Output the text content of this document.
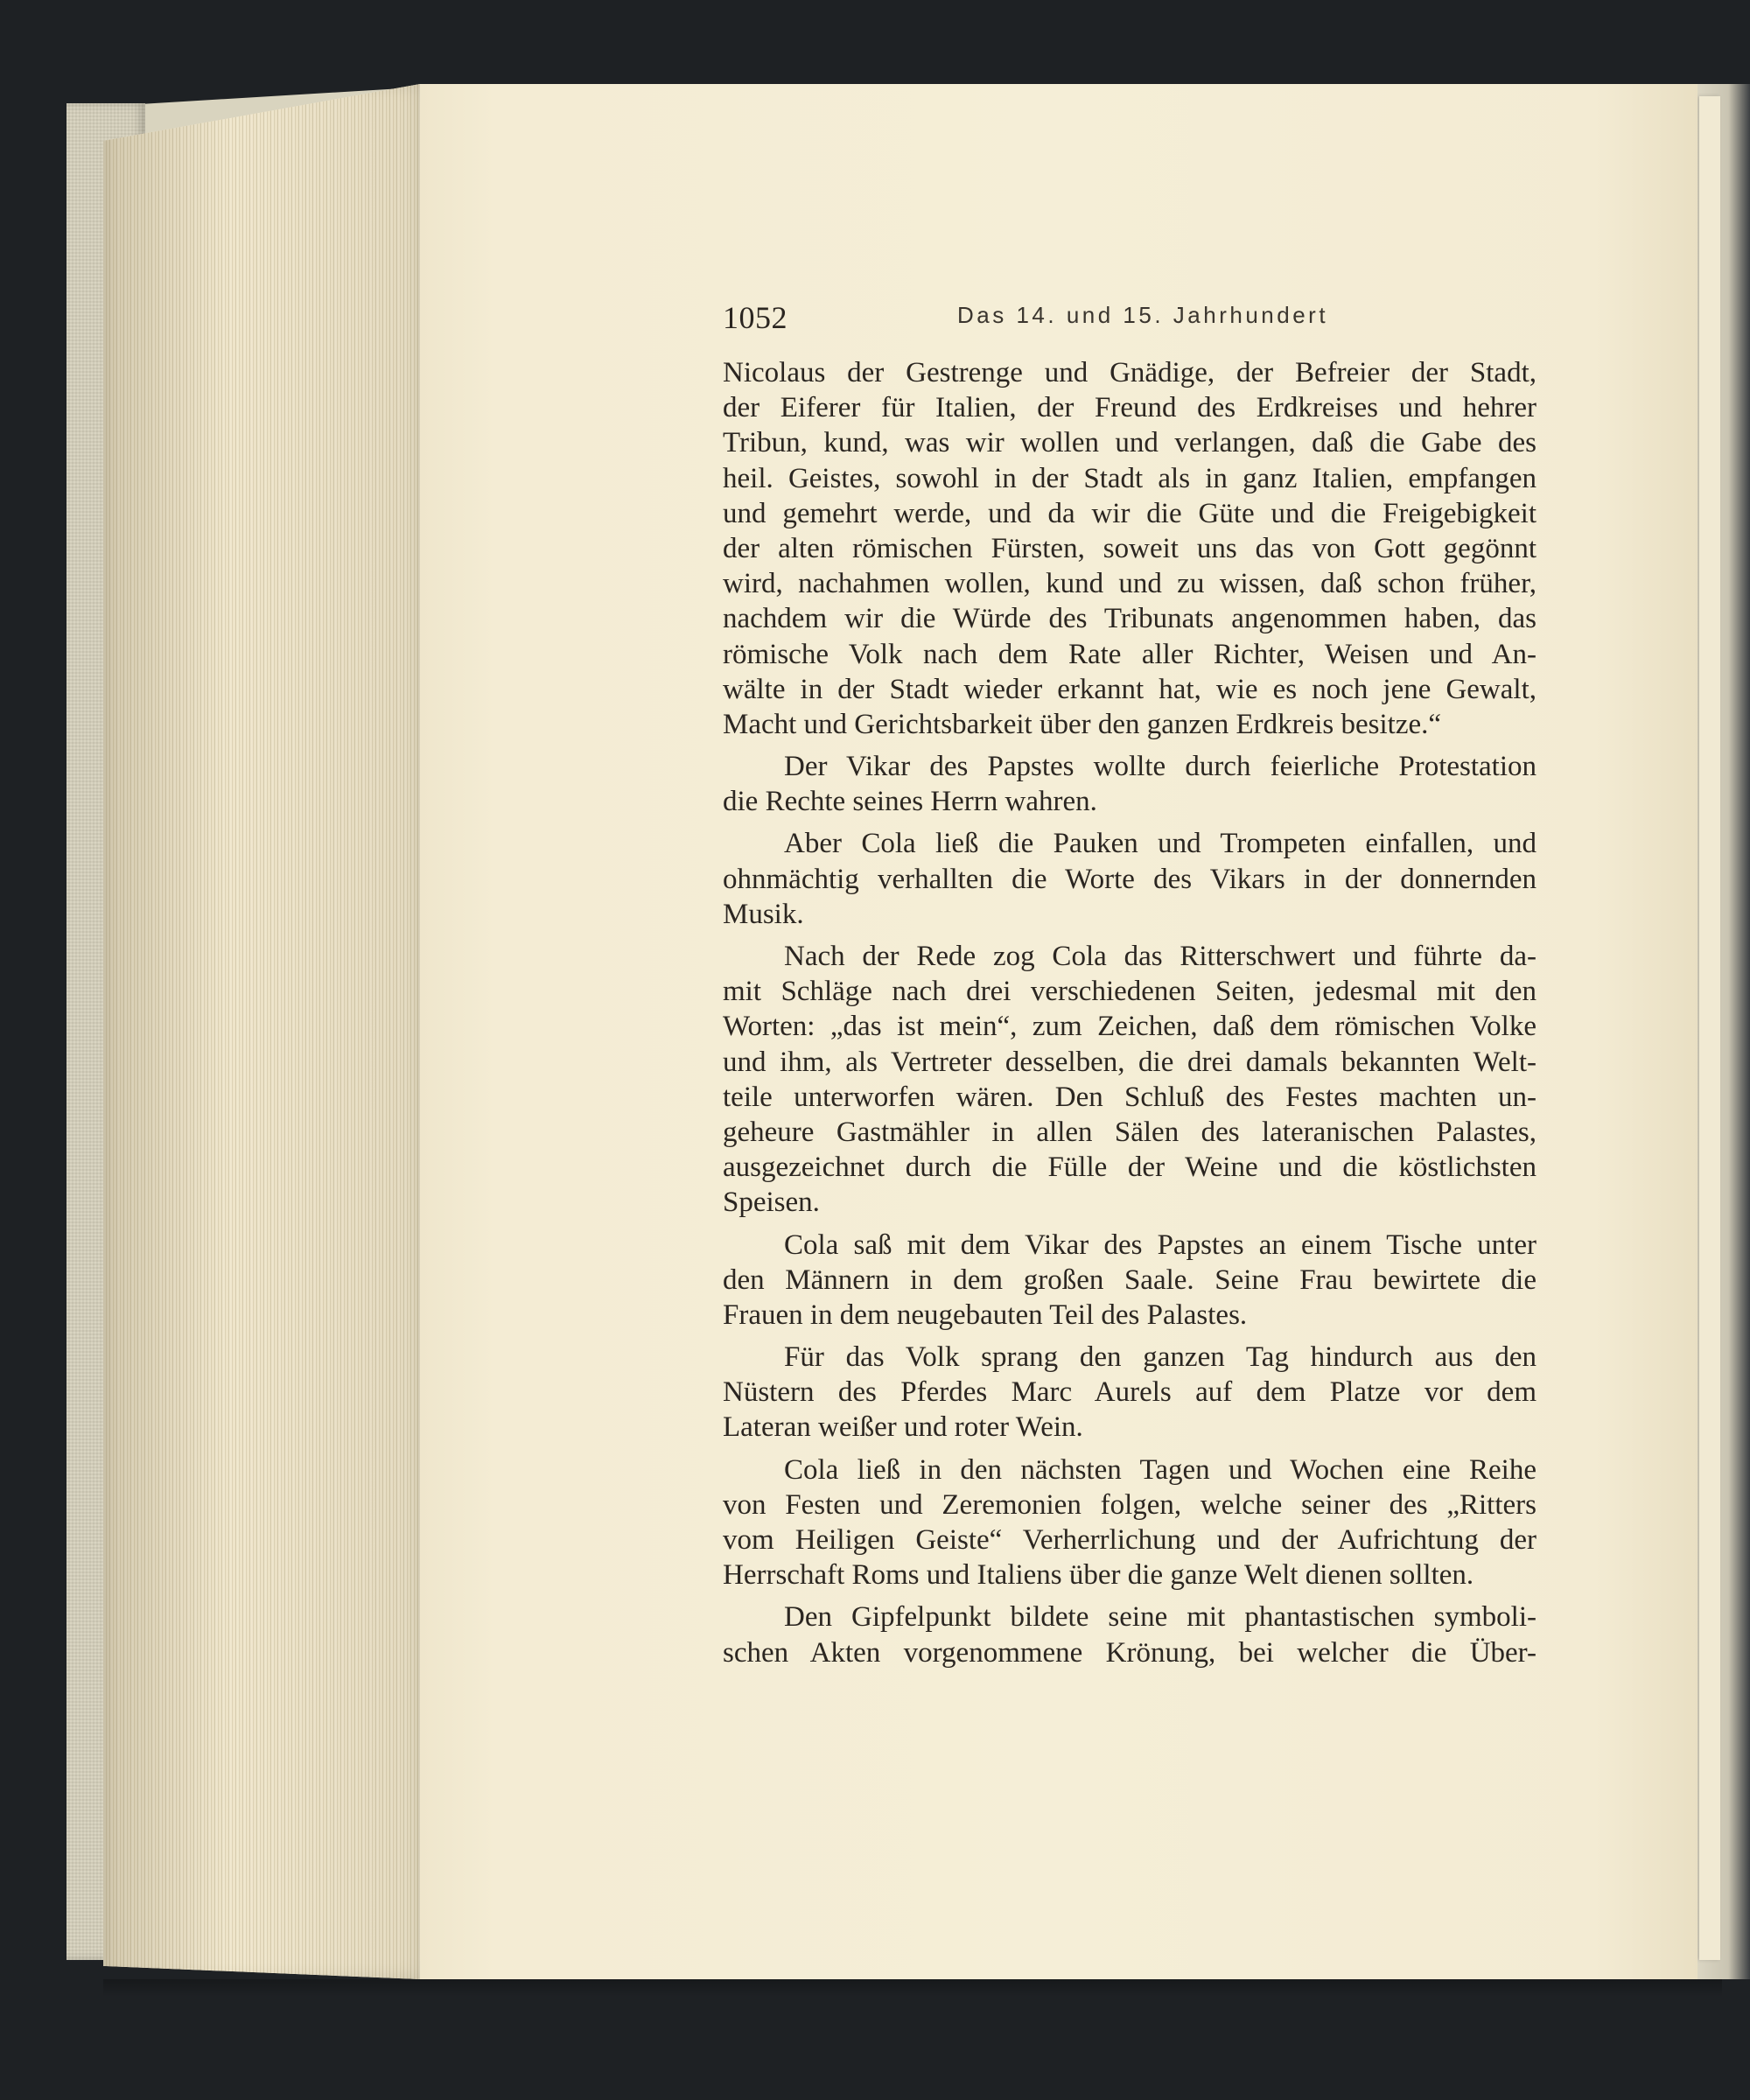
1052	Das 14. und 15. Jahrhundert
Nicolaus der Gestrenge und Gnädige, der Befreier der Stadt,
der Eiferer für Italien, der Freund des Erdkreises und hehrer
Tribun, kund, was wir wollen und verlangen, daß die Gabe des
heil. Geistes, sowohl in der Stadt als in ganz Italien, empfangen
und gemehrt werde, und da wir die Güte und die Freigebigkeit
der alten römischen Fürsten, soweit uns das von Gott gegönnt
wird, nachahmen wollen, kund und zu wissen, daß schon früher,
nachdem wir die Würde des Tribunats angenommen haben, das
römische Volk nach dem Rate aller Richter, Weisen und An-
wälte in der Stadt wieder erkannt hat, wie es noch jene Gewalt,
Macht und Gerichtsbarkeit über den ganzen Erdkreis besitze.“
Der Vikar des Papstes wollte durch feierliche Protestation
die Rechte seines Herrn wahren.
Aber Cola ließ die Pauken und Trompeten einfallen, und
ohnmächtig verhallten die Worte des Vikars in der donnernden
Musik.
Nach der Rede zog Cola das Ritterschwert und führte da-
mit Schläge nach drei verschiedenen Seiten, jedesmal mit den
Worten: „das ist mein“, zum Zeichen, daß dem römischen Volke
und ihm, als Vertreter desselben, die drei damals bekannten Welt-
teile unterworfen wären. Den Schluß des Festes machten un-
geheure Gastmähler in allen Sälen des lateranischen Palastes,
ausgezeichnet durch die Fülle der Weine und die köstlichsten
Speisen.
Cola saß mit dem Vikar des Papstes an einem Tische unter
den Männern in dem großen Saale. Seine Frau bewirtete die
Frauen in dem neugebauten Teil des Palastes.
Für das Volk sprang den ganzen Tag hindurch aus den
Nüstern des Pferdes Marc Aurels auf dem Platze vor dem
Lateran weißer und roter Wein.
Cola ließ in den nächsten Tagen und Wochen eine Reihe
von Festen und Zeremonien folgen, welche seiner des „Ritters
vom Heiligen Geiste“ Verherrlichung und der Aufrichtung der
Herrschaft Roms und Italiens über die ganze Welt dienen sollten.
Den Gipfelpunkt bildete seine mit phantastischen symboli-
schen Akten vorgenommene Krönung, bei welcher die Über-
